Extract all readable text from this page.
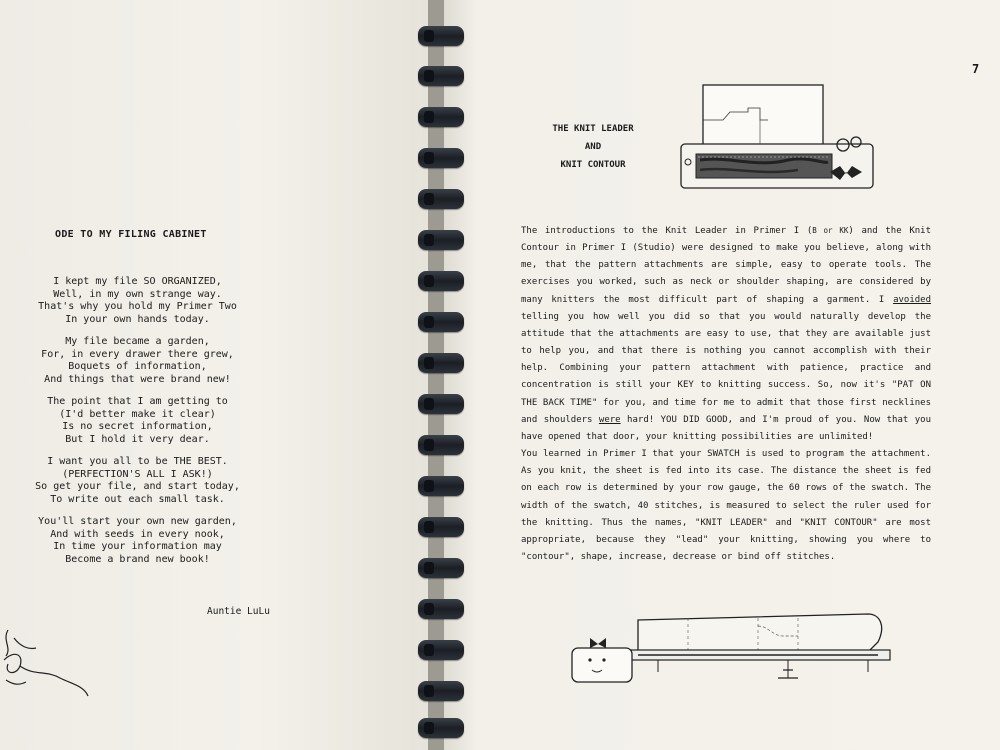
ODE TO MY FILING CABINET
I kept my file SO ORGANIZED,
Well, in my own strange way.
That's why you hold my Primer Two
In your own hands today.
My file became a garden,
For, in every drawer there grew,
Boquets of information,
And things that were brand new!
The point that I am getting to
(I'd better make it clear)
Is no secret information,
But I hold it very dear.
I want you all to be THE BEST.
(PERFECTION'S ALL I ASK!)
So get your file, and start today,
To write out each small task.
You'll start your own new garden,
And with seeds in every nook,
In time your information may
Become a brand new book!
Auntie LuLu
7
THE KNIT LEADER
AND
KNIT CONTOUR

The introductions to the Knit Leader in Primer I (B or KK) and the Knit Contour in Primer I (Studio) were designed to make you believe, along with me, that the pattern attachments are simple, easy to operate tools. The exercises you worked, such as neck or shoulder shaping, are considered by many knitters the most difficult part of shaping a garment. I avoided telling you how well you did so that you would naturally develop the attitude that the attachments are easy to use, that they are available just to help you, and that there is nothing you cannot accomplish with their help. Combining your pattern attachment with patience, practice and concentration is still your KEY to knitting success. So, now it's "PAT ON THE BACK TIME" for you, and time for me to admit that those first necklines and shoulders were hard! YOU DID GOOD, and I'm proud of you. Now that you have opened that door, your knitting possibilities are unlimited!

You learned in Primer I that your SWATCH is used to program the attachment. As you knit, the sheet is fed into its case. The distance the sheet is fed on each row is determined by your row gauge, the 60 rows of the swatch. The width of the swatch, 40 stitches, is measured to select the ruler used for the knitting. Thus the names, "KNIT LEADER" and "KNIT CONTOUR" are most appropriate, because they "lead" your knitting, showing you where to "contour", shape, increase, decrease or bind off stitches.
